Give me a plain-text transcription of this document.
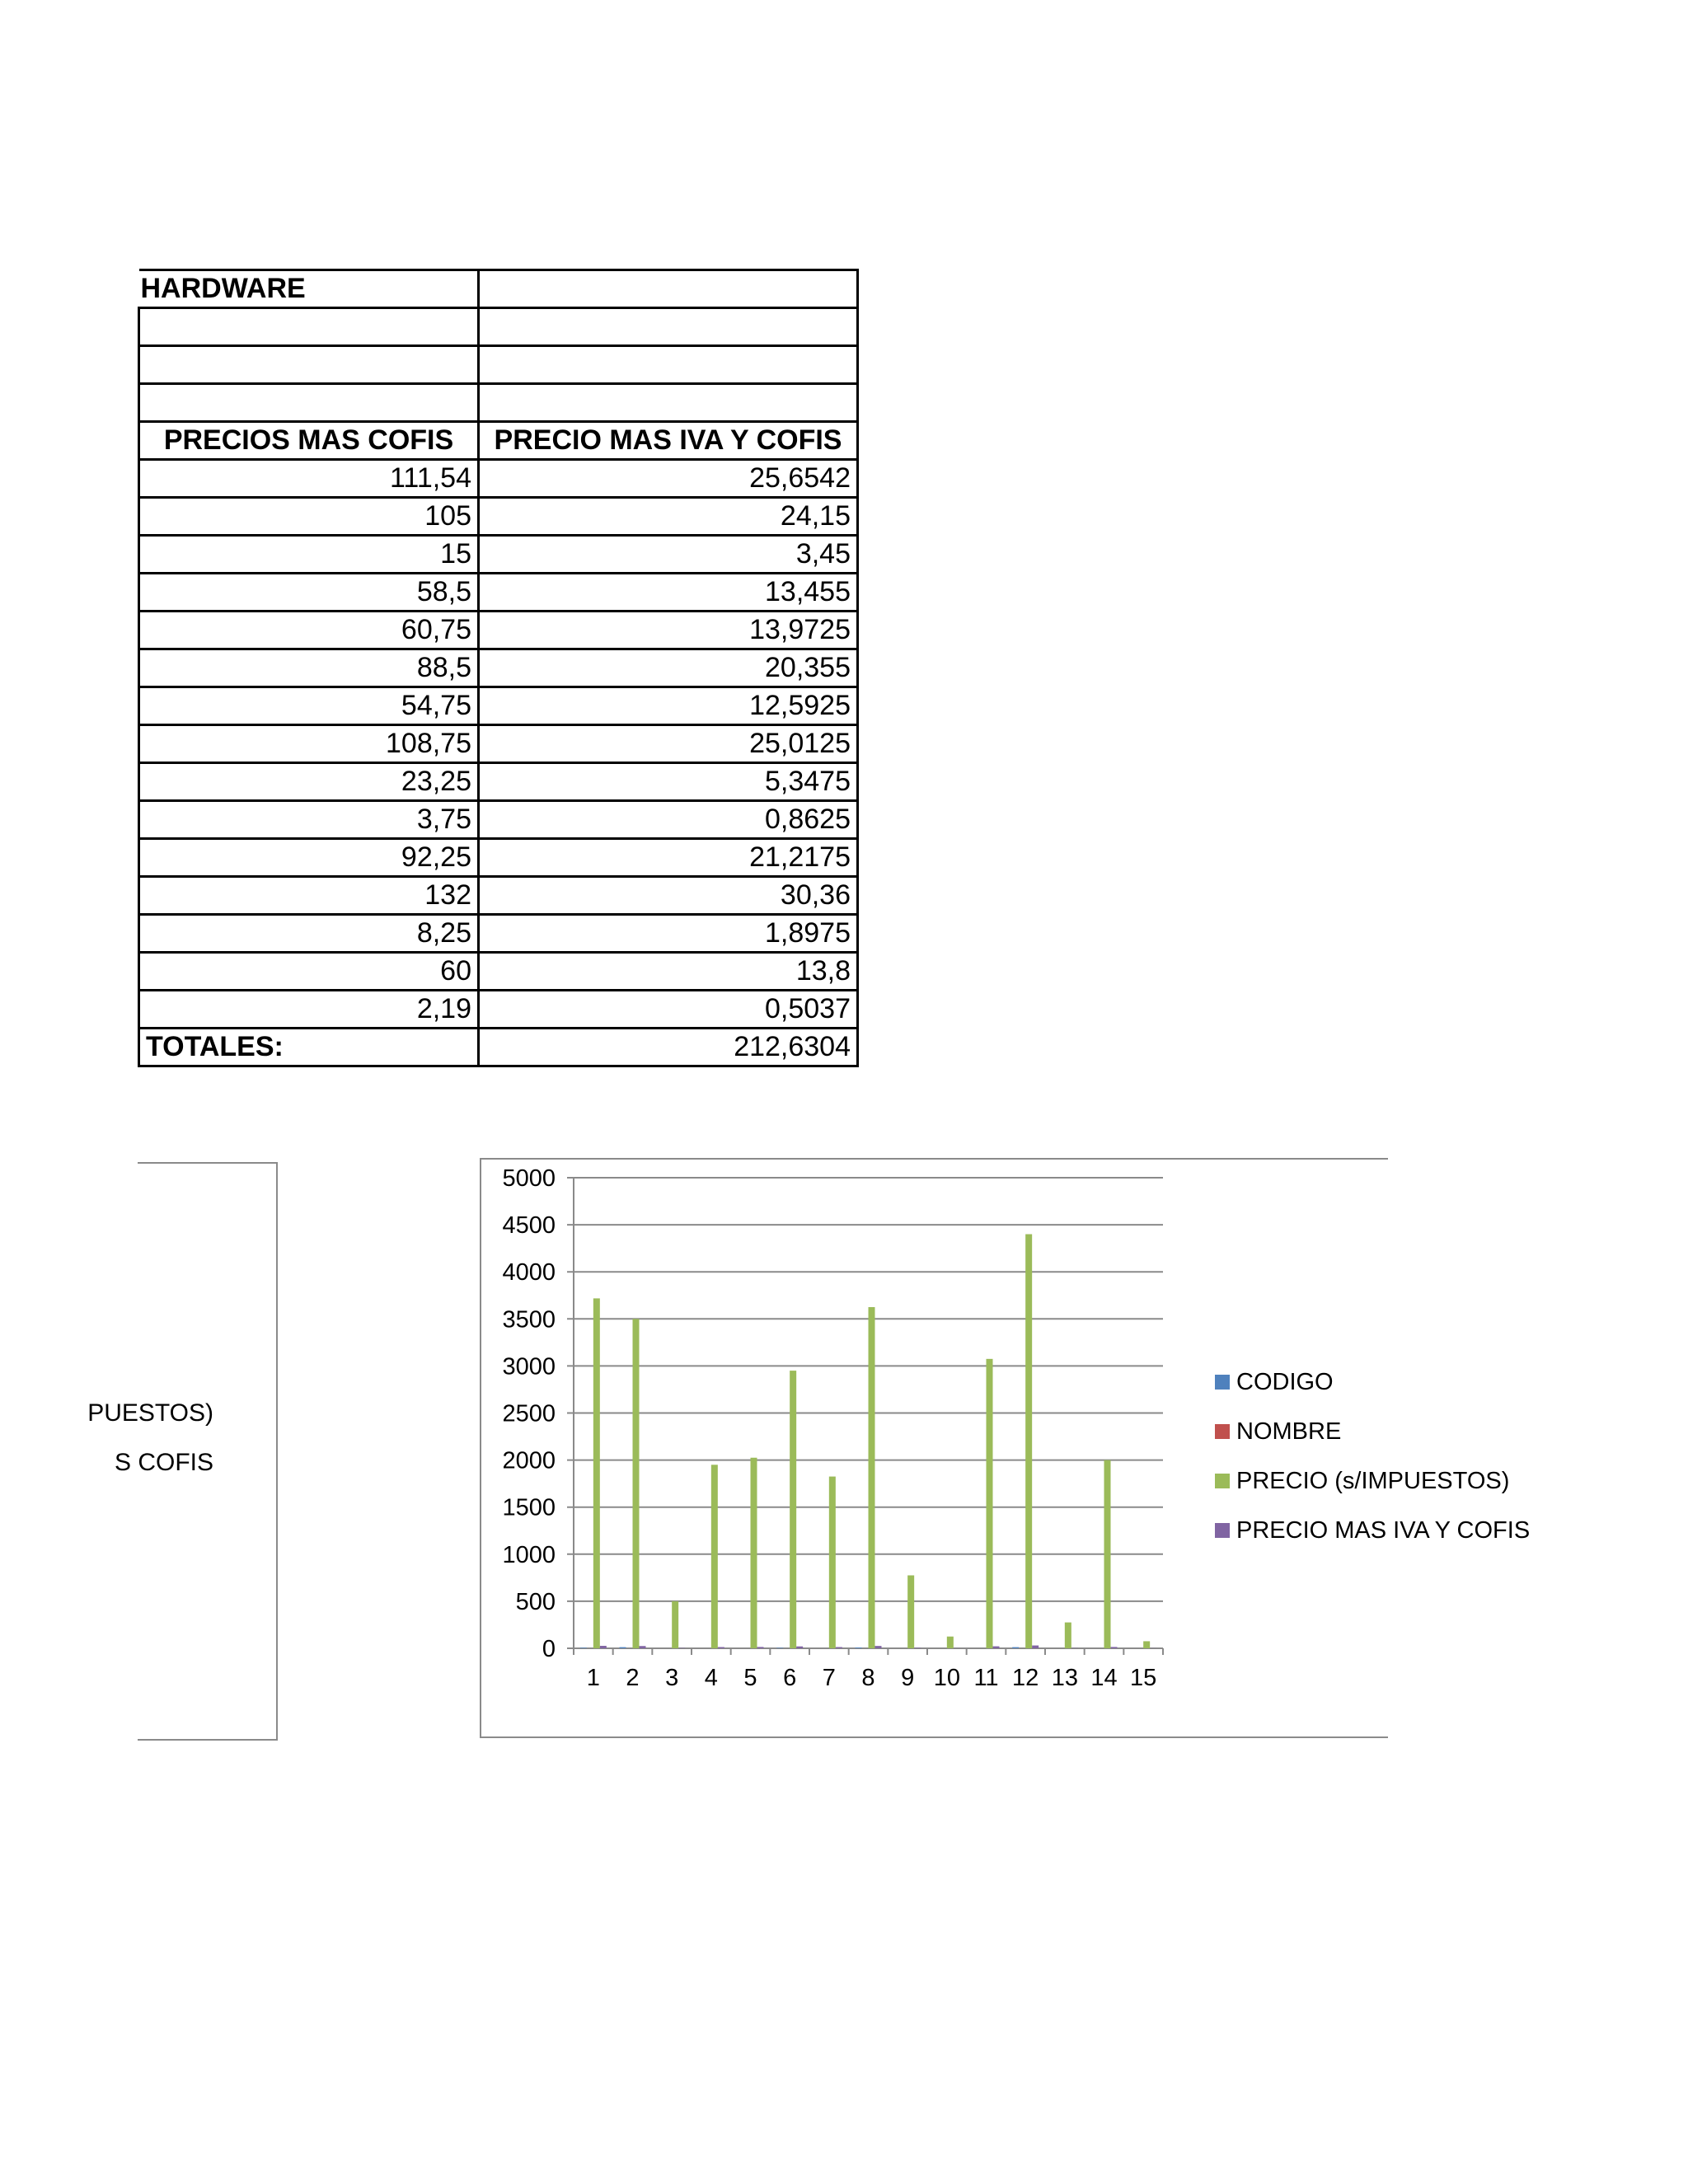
HARDWARE	

PRECIOS MAS COFIS	PRECIO MAS IVA Y COFIS
111,54	25,6542
105	24,15
15	3,45
58,5	13,455
60,75	13,9725
88,5	20,355
54,75	12,5925
108,75	25,0125
23,25	5,3475
3,75	0,8625
92,25	21,2175
132	30,36
8,25	1,8975
60	13,8
2,19	0,5037
TOTALES:	212,6304
PUESTOS)
S COFIS
0
500
1000
1500
2000
2500
3000
3500
4000
4500
5000
1 2 3 4 5 6 7 8 9 10 11 12 13 14 15
CODIGO
NOMBRE
PRECIO (s/IMPUESTOS)
PRECIO MAS IVA Y COFIS
